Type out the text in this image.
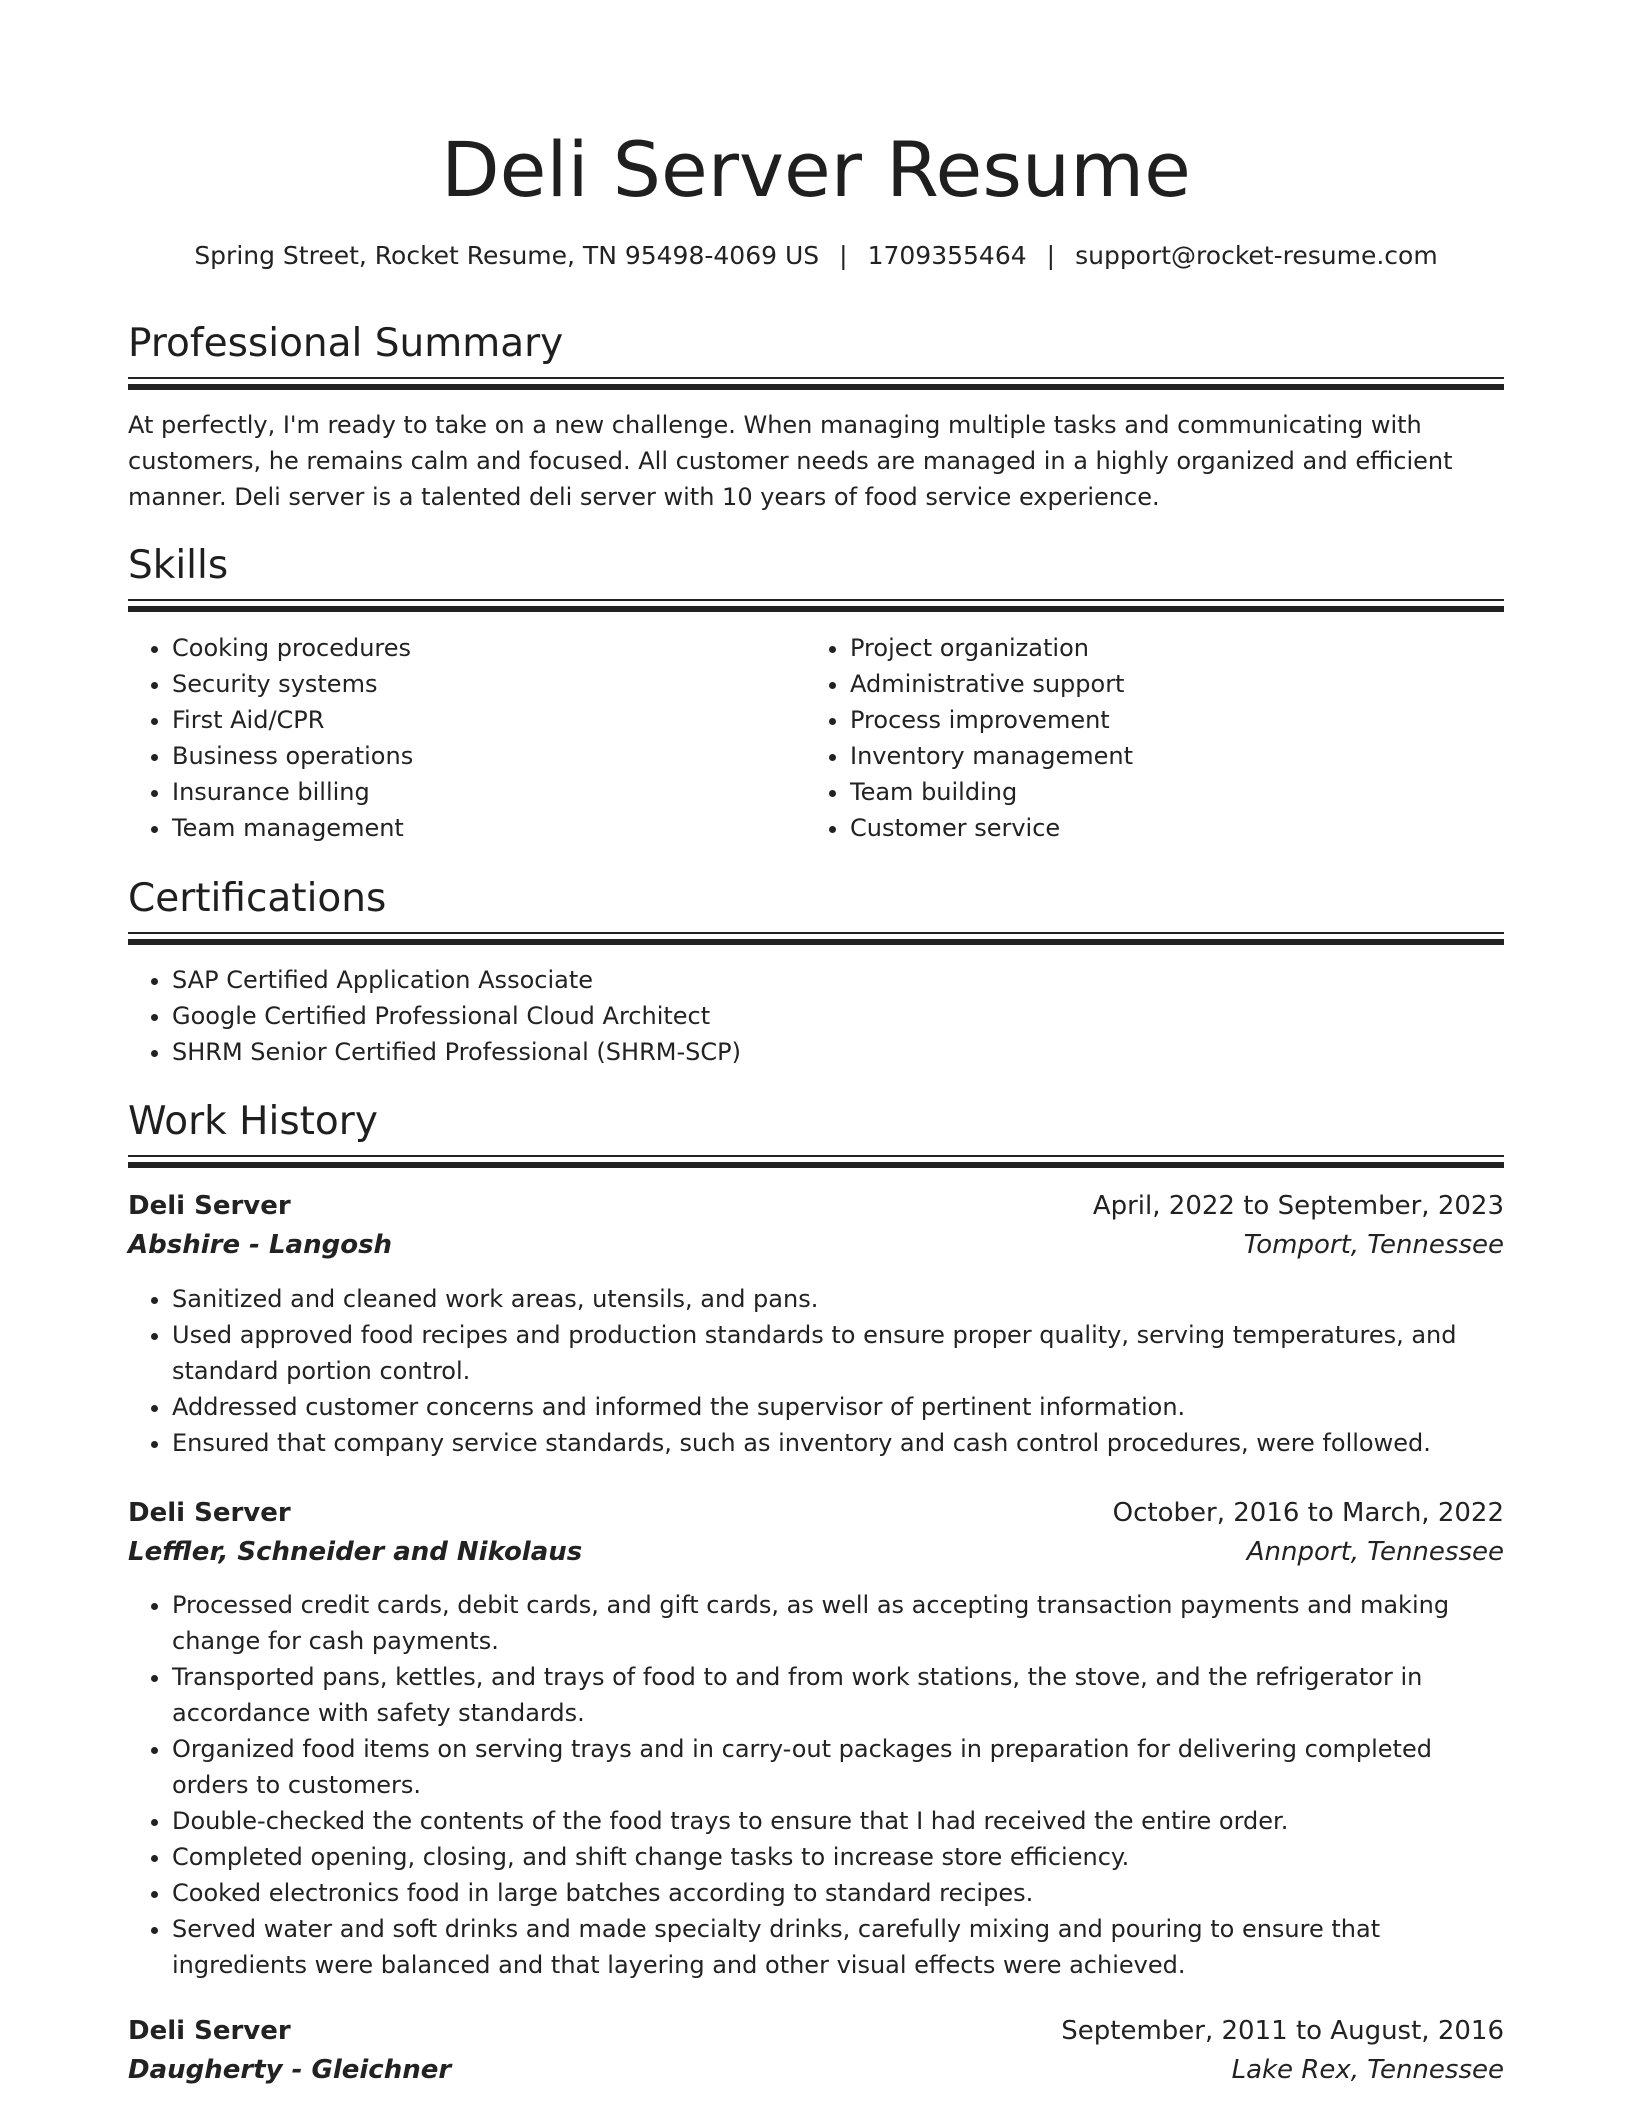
Deli Server Resume
Spring Street, Rocket Resume, TN 95498-4069 US | 1709355464 | support@rocket-resume.com
Professional Summary

At perfectly, I'm ready to take on a new challenge. When managing multiple tasks and communicating with customers, he remains calm and focused. All customer needs are managed in a highly organized and efficient manner. Deli server is a talented deli server with 10 years of food service experience.

Skills
• Cooking procedures
• Security systems
• First Aid/CPR
• Business operations
• Insurance billing
• Team management
• Project organization
• Administrative support
• Process improvement
• Inventory management
• Team building
• Customer service
Certifications
• SAP Certified Application Associate
• Google Certified Professional Cloud Architect
• SHRM Senior Certified Professional (SHRM-SCP)
Work History
Deli Server	April, 2022 to September, 2023
Abshire - Langosh	Tomport, Tennessee
• Sanitized and cleaned work areas, utensils, and pans.
• Used approved food recipes and production standards to ensure proper quality, serving temperatures, and standard portion control.
• Addressed customer concerns and informed the supervisor of pertinent information.
• Ensured that company service standards, such as inventory and cash control procedures, were followed.
Deli Server	October, 2016 to March, 2022
Leffler, Schneider and Nikolaus	Annport, Tennessee
• Processed credit cards, debit cards, and gift cards, as well as accepting transaction payments and making change for cash payments.
• Transported pans, kettles, and trays of food to and from work stations, the stove, and the refrigerator in accordance with safety standards.
• Organized food items on serving trays and in carry-out packages in preparation for delivering completed orders to customers.
• Double-checked the contents of the food trays to ensure that I had received the entire order.
• Completed opening, closing, and shift change tasks to increase store efficiency.
• Cooked electronics food in large batches according to standard recipes.
• Served water and soft drinks and made specialty drinks, carefully mixing and pouring to ensure that ingredients were balanced and that layering and other visual effects were achieved.
Deli Server	September, 2011 to August, 2016
Daugherty - Gleichner	Lake Rex, Tennessee
